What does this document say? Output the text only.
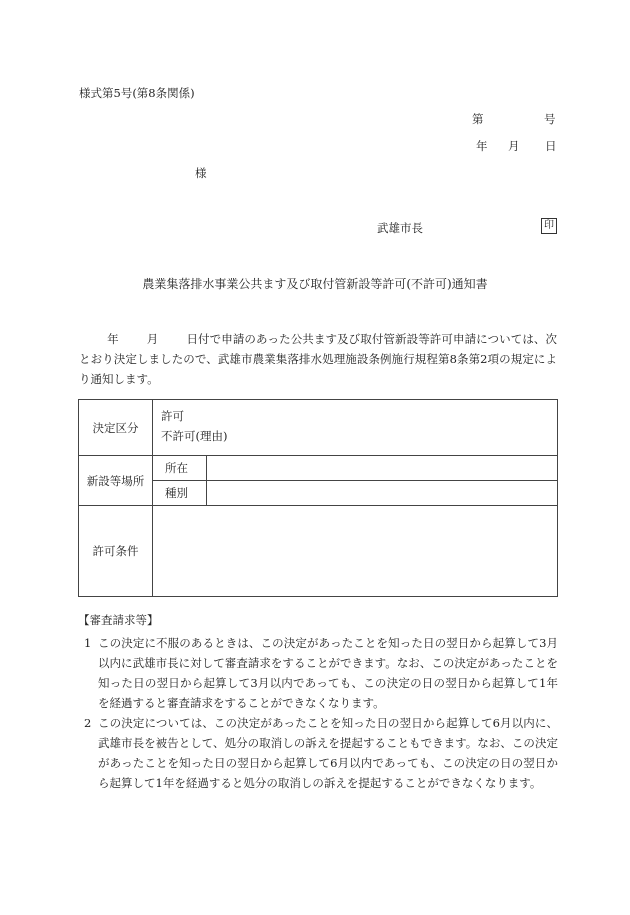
様式第5号(第8条関係)
第	号
年 月 日
様
武雄市長	印
農業集落排水事業公共ます及び取付管新設等許可(不許可)通知書
年 月 日付で申請のあった公共ます及び取付管新設等許可申請については、次とおり決定しましたので、武雄市農業集落排水処理施設条例施行規程第8条第2項の規定により通知します。
決定区分	許可
不許可(理由)	

新設等場所	所在	
	種別	
許可条件		
【審査請求等】
1 この決定に不服のあるときは、この決定があったことを知った日の翌日から起算して3月以内に武雄市長に対して審査請求をすることができます。なお、この決定があったことを知った日の翌日から起算して3月以内であっても、この決定の日の翌日から起算して1年を経過すると審査請求をすることができなくなります。
2 この決定については、この決定があったことを知った日の翌日から起算して6月以内に、武雄市長を被告として、処分の取消しの訴えを提起することもできます。なお、この決定があったことを知った日の翌日から起算して6月以内であっても、この決定の日の翌日から起算して1年を経過すると処分の取消しの訴えを提起することができなくなります。
